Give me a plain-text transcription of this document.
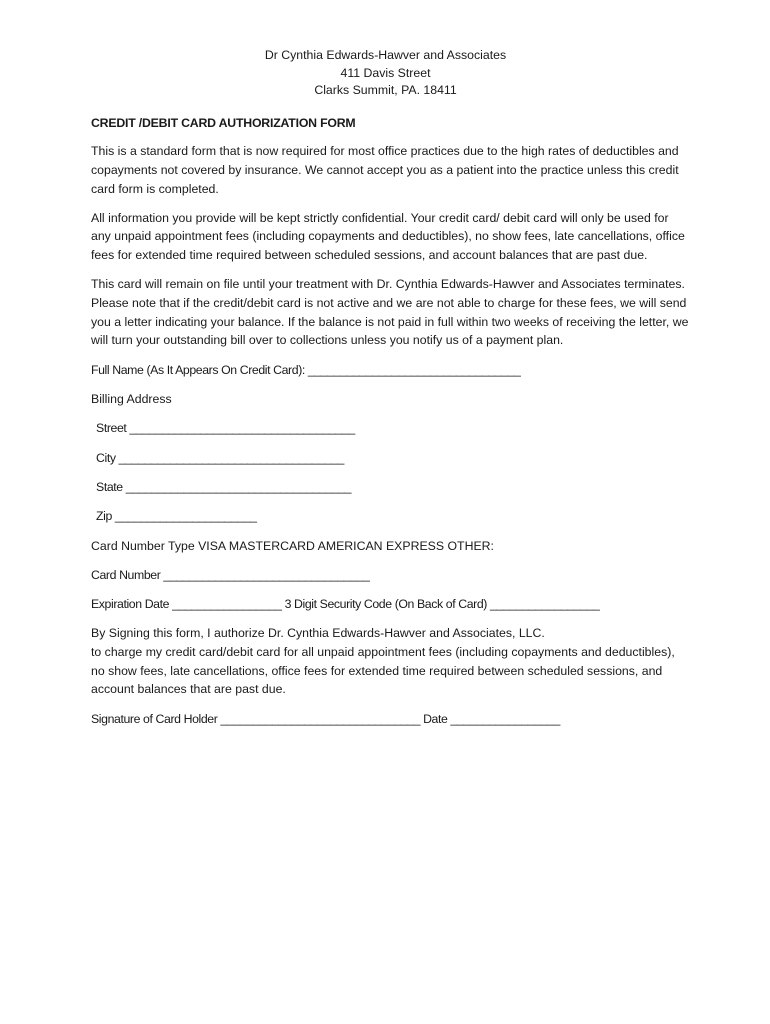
Dr Cynthia Edwards-Hawver and Associates
411 Davis Street
Clarks Summit, PA. 18411
CREDIT /DEBIT CARD AUTHORIZATION FORM

This is a standard form that is now required for most office practices due to the high rates of deductibles and copayments not covered by insurance. We cannot accept you as a patient into the practice unless this credit card form is completed.

All information you provide will be kept strictly confidential. Your credit card/ debit card will only be used for any unpaid appointment fees (including copayments and deductibles), no show fees, late cancellations, office fees for extended time required between scheduled sessions, and account balances that are past due.

This card will remain on file until your treatment with Dr. Cynthia Edwards-Hawver and Associates terminates. Please note that if the credit/debit card is not active and we are not able to charge for these fees, we will send you a letter indicating your balance. If the balance is not paid in full within two weeks of receiving the letter, we will turn your outstanding bill over to collections unless you notify us of a payment plan.

Full Name (As It Appears On Credit Card): _________________________________
Billing Address
Street ___________________________________
City ___________________________________
State ___________________________________
Zip ______________________
Card Number Type VISA MASTERCARD AMERICAN EXPRESS OTHER:
Card Number ________________________________
Expiration Date _________________ 3 Digit Security Code (On Back of Card) _________________

By Signing this form, I authorize Dr. Cynthia Edwards-Hawver and Associates, LLC.
to charge my credit card/debit card for all unpaid appointment fees (including copayments and deductibles), no show fees, late cancellations, office fees for extended time required between scheduled sessions, and account balances that are past due.

Signature of Card Holder _______________________________ Date _________________
